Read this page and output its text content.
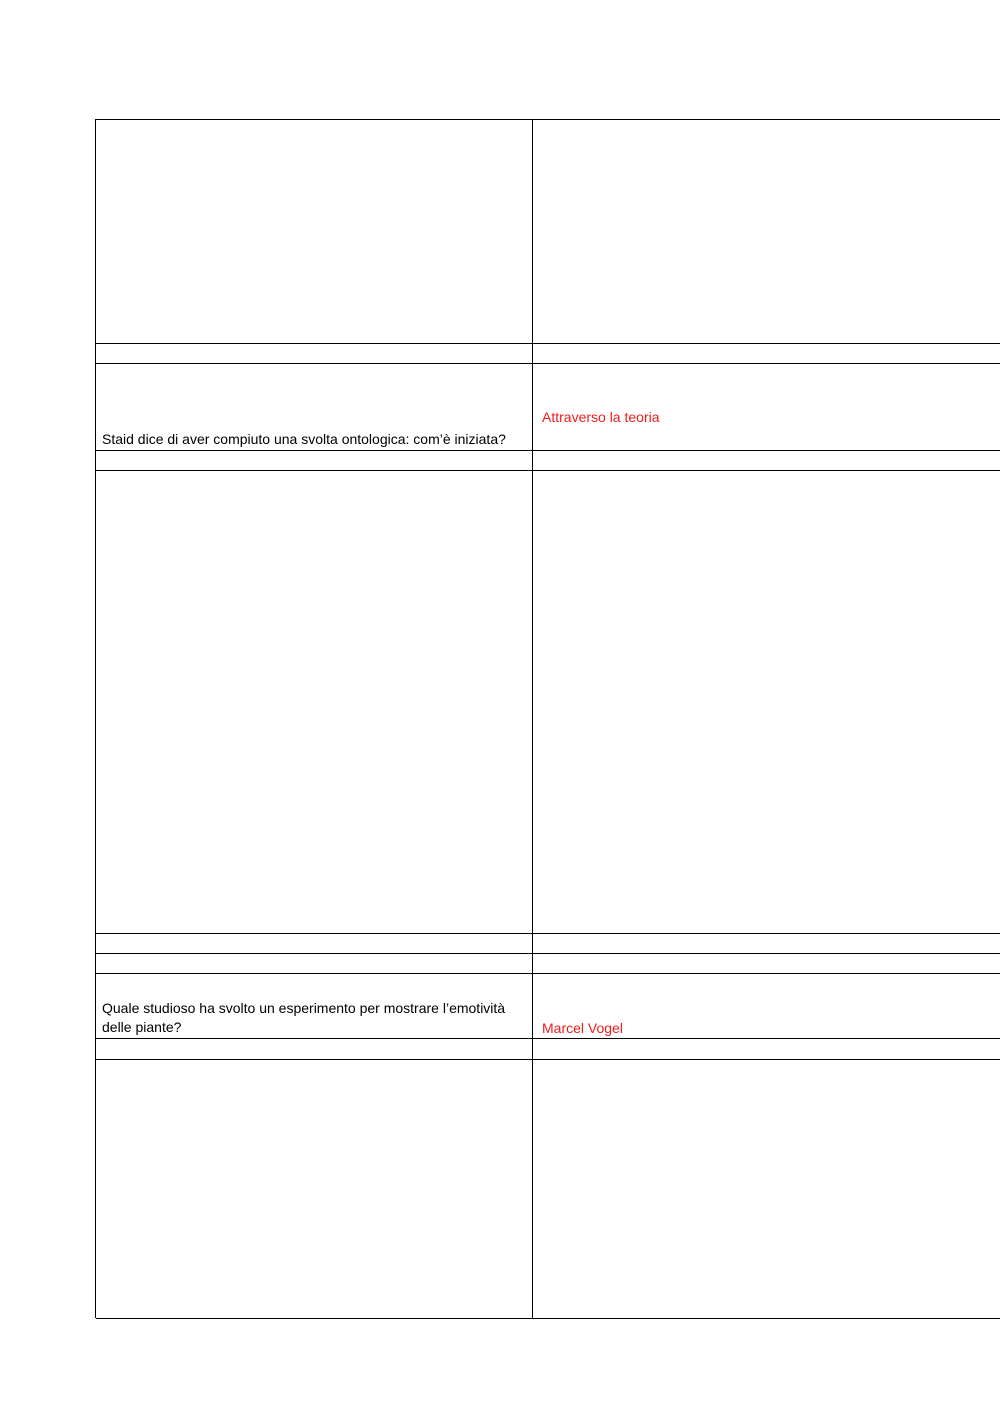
Staid dice di aver compiuto una svolta ontologica: com’è iniziata?
Attraverso la teoria
Quale studioso ha svolto un esperimento per mostrare l’emotività delle piante?	Marcel Vogel
